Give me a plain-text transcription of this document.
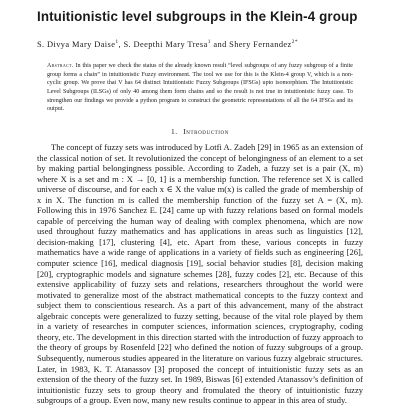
Intuitionistic level subgroups in the Klein-4 group
S. Divya Mary Daise$^1$, S. Deepthi Mary Tresa$^1$ and Shery Fernandez$^{2*}$
Abstract. In this paper we check the status of the already known result “level subgroups of any fuzzy subgroup of a finite group forms a chain” in intuitionistic Fuzzy environment. The tool we use for this is the Klein-4 group V, which is a non-cyclic group. We prove that V has 64 distinct Intuitionistic Fuzzy Subgroups (IFSGs) upto isomorphism. The Intuitionistic Level Subgroups (ILSGs) of only 40 among them form chains and so the result is not true in intuitionistic fuzzy case. To strengthen our findings we provide a python program to construct the geometric representations of all the 64 IFSGs and its output.
1. Introduction

The concept of fuzzy sets was introduced by Lotfi A. Zadeh [29] in 1965 as an extension of the classical notion of set. It revolutionized the concept of belongingness of an element to a set by making partial belongingness possible. According to Zadeh, a fuzzy set is a pair (X, m) where X is a set and m : X → [0, 1] is a membership function. The reference set X is called universe of discourse, and for each x ∈ X the value m(x) is called the grade of membership of x in X. The function m is called the membership function of the fuzzy set A = (X, m). Following this in 1976 Sanchez E. [24] came up with fuzzy relations based on formal models capable of perceiving the human way of dealing with complex phenomena, which are now used throughout fuzzy mathematics and has applications in areas such as linguistics [12], decision-making [17], clustering [4], etc. Apart from these, various concepts in fuzzy mathematics have a wide range of applications in a variety of fields such as engineering [26], computer science [16], medical diagnosis [19], social behavior studies [8], decision making [20], cryptographic models and signature schemes [28], fuzzy codes [2], etc. Because of this extensive applicability of fuzzy sets and relations, researchers throughout the world were motivated to generalize most of the abstract mathematical concepts to the fuzzy context and subject them to conscientious research. As a part of this advancement, many of the abstract algebraic concepts were generalized to fuzzy setting, because of the vital role played by them in a variety of researches in computer sciences, information sciences, cryptography, coding theory, etc. The development in this direction started with the introduction of fuzzy approach to the theory of groups by Rosenfeld [22] who defined the notion of fuzzy subgroups of a group. Subsequently, numerous studies appeared in the literature on various fuzzy algebraic structures. Later, in 1983, K. T. Atanassov [3] proposed the concept of intuitionistic fuzzy sets as an extension of the theory of the fuzzy set. In 1989, Biswas [6] extended Atanassov’s definition of intuitionistic fuzzy sets to group theory and fromulated the theory of intuitionistic fuzzy subgroups of a group. Even now, many new results continue to appear in this area of study.
